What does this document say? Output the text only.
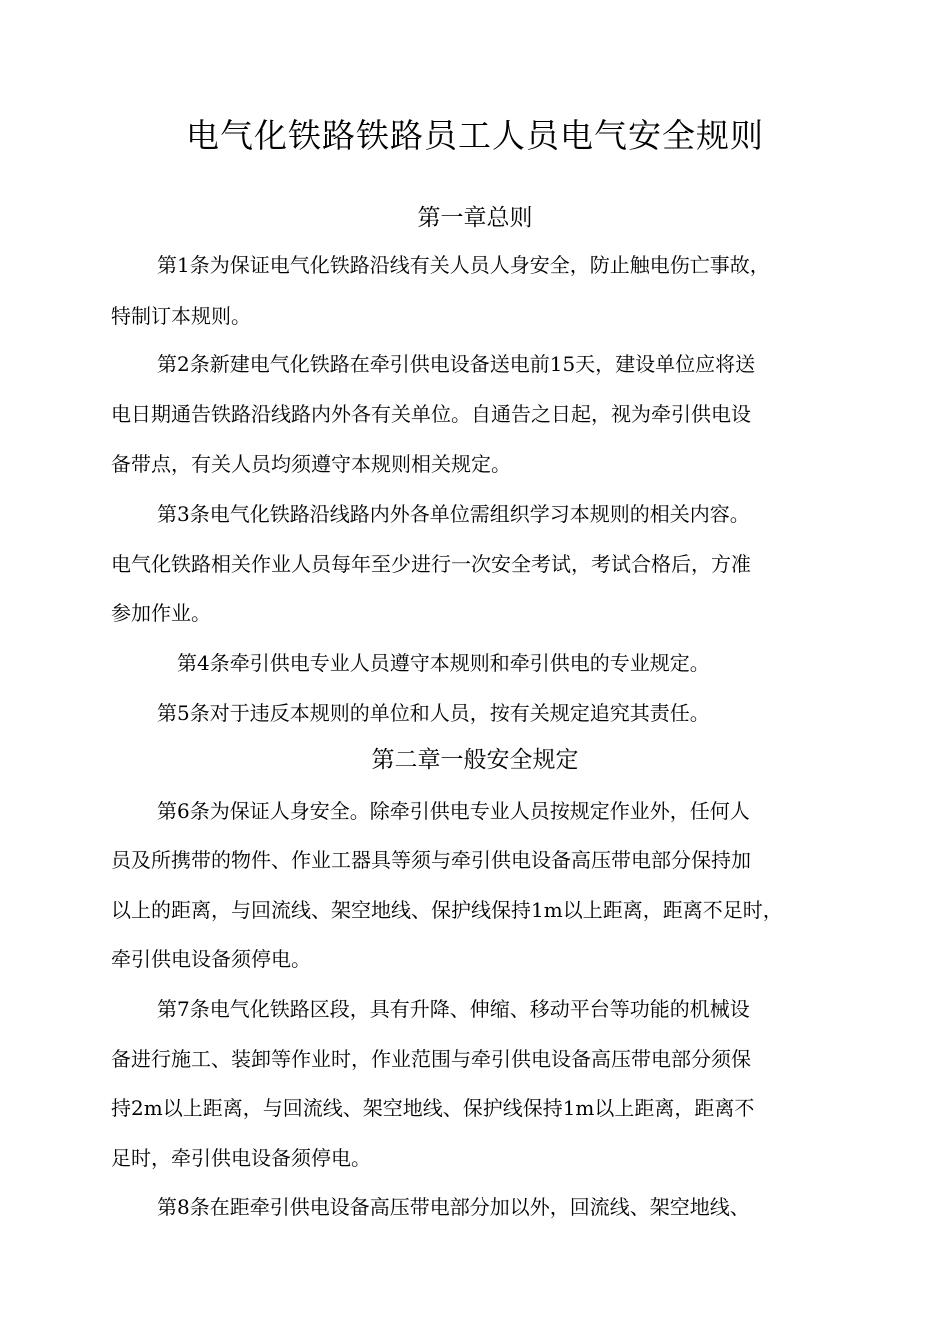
电气化铁路铁路员工人员电气安全规则
第一章总则
第1条为保证电气化铁路沿线有关人员人身安全，防止触电伤亡事故，
特制订本规则。
第2条新建电气化铁路在牵引供电设备送电前15天，建设单位应将送
电日期通告铁路沿线路内外各有关单位。自通告之日起，视为牵引供电设
备带点，有关人员均须遵守本规则相关规定。
第3条电气化铁路沿线路内外各单位需组织学习本规则的相关内容。
电气化铁路相关作业人员每年至少进行一次安全考试，考试合格后，方准
参加作业。
第4条牵引供电专业人员遵守本规则和牵引供电的专业规定。
第5条对于违反本规则的单位和人员，按有关规定追究其责任。
第二章一般安全规定
第6条为保证人身安全。除牵引供电专业人员按规定作业外，任何人
员及所携带的物件、作业工器具等须与牵引供电设备高压带电部分保持加
以上的距离，与回流线、架空地线、保护线保持1m以上距离，距离不足时，
牵引供电设备须停电。
第7条电气化铁路区段，具有升降、伸缩、移动平台等功能的机械设
备进行施工、装卸等作业时，作业范围与牵引供电设备高压带电部分须保
持2m以上距离，与回流线、架空地线、保护线保持1m以上距离，距离不
足时，牵引供电设备须停电。
第8条在距牵引供电设备高压带电部分加以外，回流线、架空地线、
